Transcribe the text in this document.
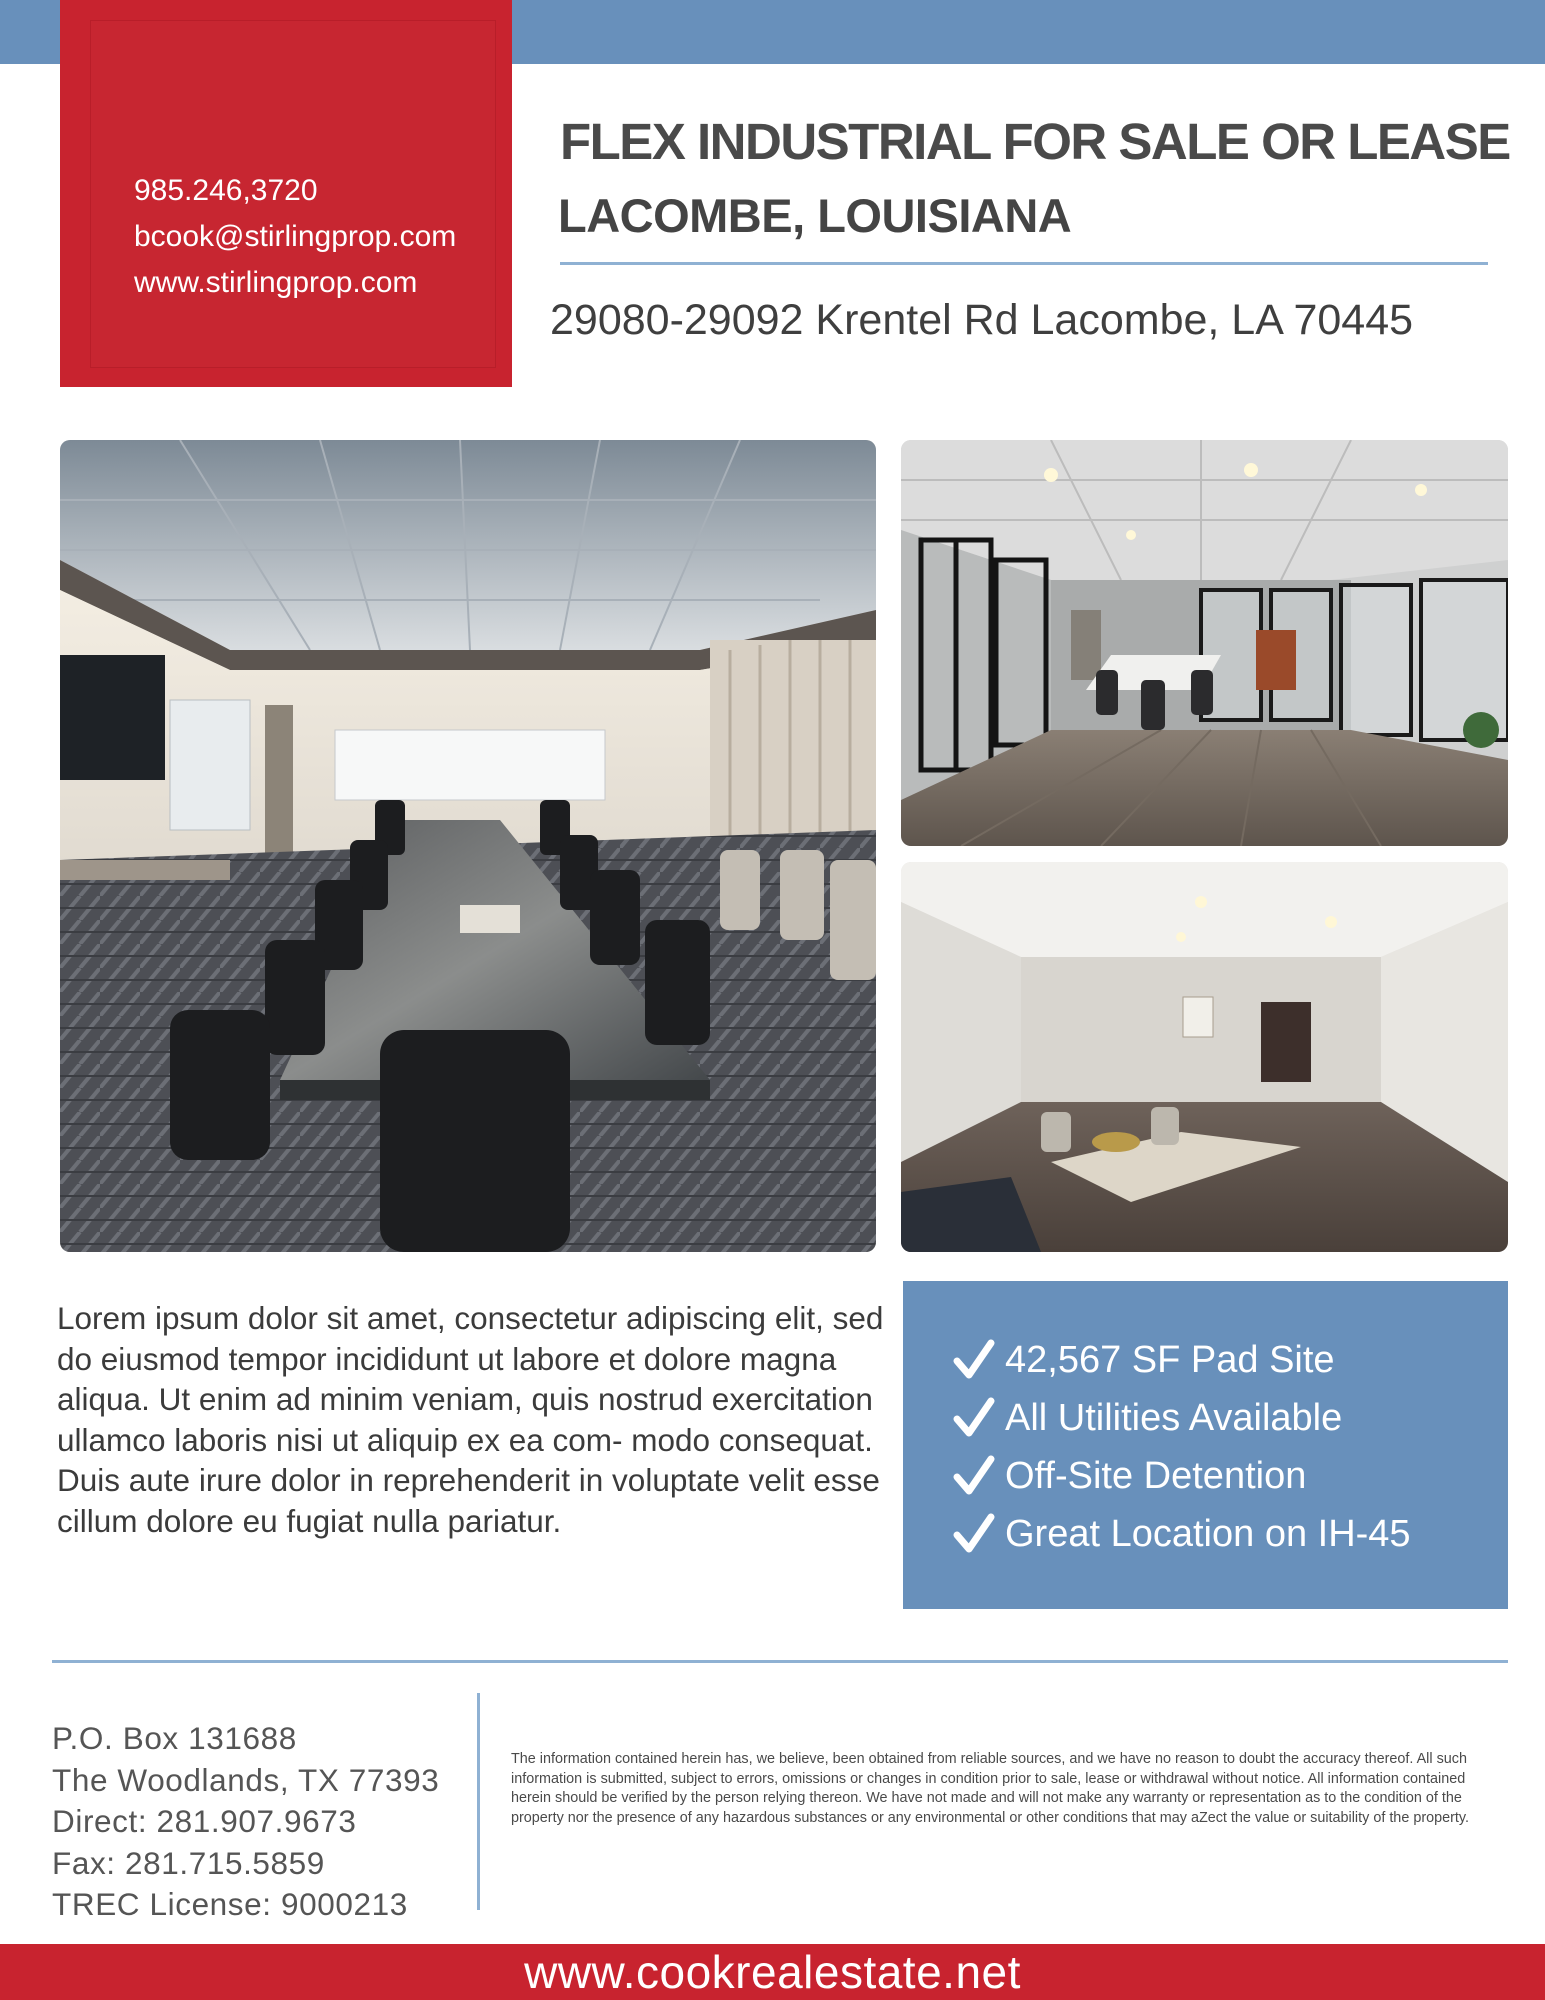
985.246,3720
bcook@stirlingprop.com
www.stirlingprop.com
FLEX INDUSTRIAL FOR SALE OR LEASE
LACOMBE, LOUISIANA
29080-29092 Krentel Rd Lacombe, LA 70445
Lorem ipsum dolor sit amet, consectetur adipiscing elit, sed do eiusmod tempor incididunt ut labore et dolore magna aliqua. Ut enim ad minim veniam, quis nostrud exercitation ullamco laboris nisi ut aliquip ex ea com- modo consequat. Duis aute irure dolor in reprehenderit in voluptate velit esse cillum dolore eu fugiat nulla pariatur.
42,567 SF Pad Site
All Utilities Available
Off-Site Detention
Great Location on IH-45
P.O. Box 131688
The Woodlands, TX 77393
Direct: 281.907.9673
Fax: 281.715.5859
TREC License: 9000213
The information contained herein has, we believe, been obtained from reliable sources, and we have no reason to doubt the accuracy thereof. All such information is submitted, subject to errors, omissions or changes in condition prior to sale, lease or withdrawal without notice. All information contained herein should be verified by the person relying thereon. We have not made and will not make any warranty or representation as to the condition of the property nor the presence of any hazardous substances or any environmental or other conditions that may aZect the value or suitability of the property.
www.cookrealestate.net
